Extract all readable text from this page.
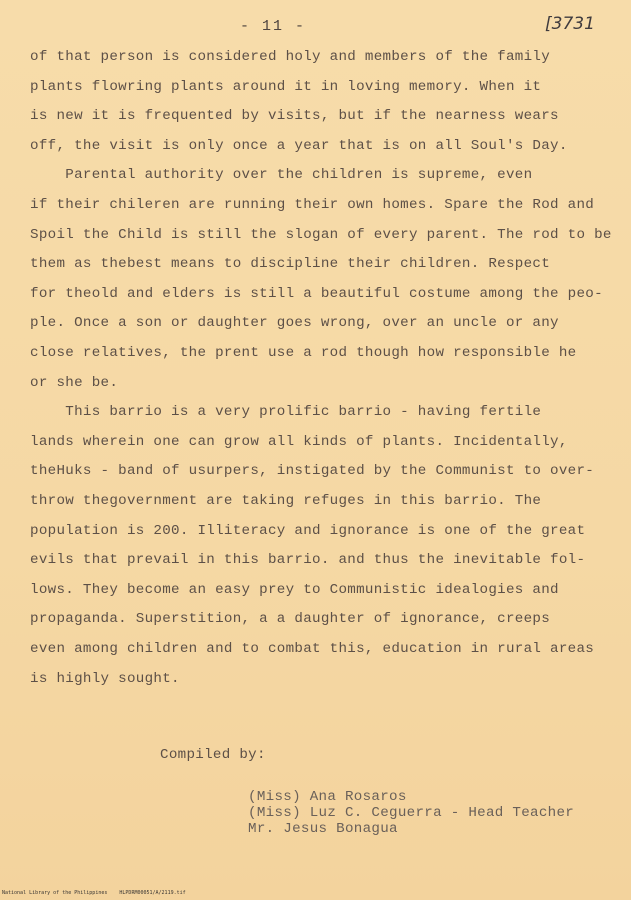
- 11 -	[3731
of that person is considered holy and members of the family
plants flowring plants around it in loving memory. When it
is new it is frequented by visits, but if the nearness wears
off, the visit is only once a year that is on all Soul's Day.
Parental authority over the children is supreme, even
if their chileren are running their own homes. Spare the Rod and
Spoil the Child is still the slogan of every parent. The rod to be
them as thebest means to discipline their children. Respect
for theold and elders is still a beautiful costume among the peo-
ple. Once a son or daughter goes wrong, over an uncle or any
close relatives, the prent use a rod though how responsible he
or she be.
This barrio is a very prolific barrio - having fertile
lands wherein one can grow all kinds of plants. Incidentally,
theHuks - band of usurpers, instigated by the Communist to over-
throw thegovernment are taking refuges in this barrio. The
population is 200. Illiteracy and ignorance is one of the great
evils that prevail in this barrio. and thus the inevitable fol-
lows. They become an easy prey to Communistic idealogies and
propaganda. Superstition, a a daughter of ignorance, creeps
even among children and to combat this, education in rural areas
is highly sought.
Compiled by:
(Miss) Ana Rosaros
(Miss) Luz C. Ceguerra - Head Teacher
Mr. Jesus Bonagua
National Library of the Philippines    HLPDRM00051/A/2119.tif
